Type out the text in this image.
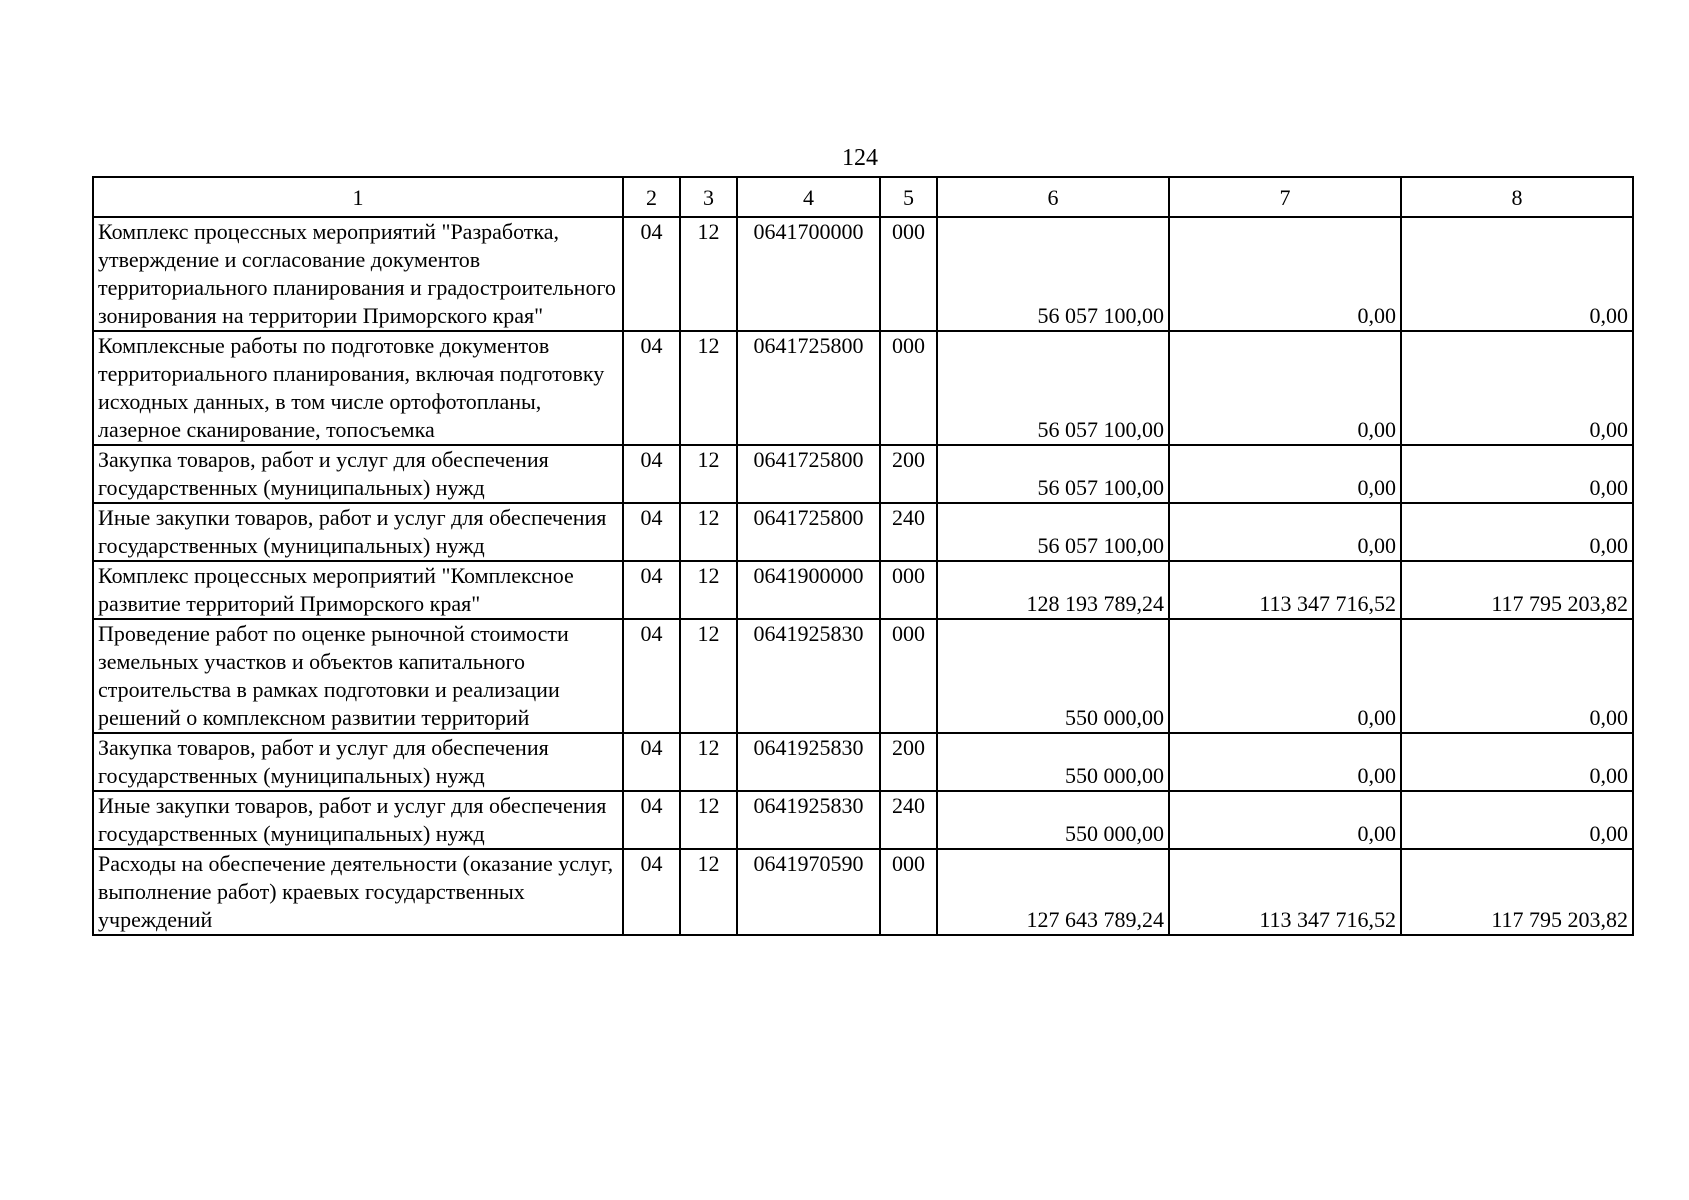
124
1	2	3	4	5	6	7	8
Комплекс процессных мероприятий "Разработка, утверждение и согласование документов территориального планирования и градостроительного зонирования на территории Приморского края"	04	12	0641700000	000	56 057 100,00	0,00	0,00
Комплексные работы по подготовке документов территориального планирования, включая подготовку исходных данных, в том числе ортофотопланы, лазерное сканирование, топосъемка	04	12	0641725800	000	56 057 100,00	0,00	0,00
Закупка товаров, работ и услуг для обеспечения государственных (муниципальных) нужд	04	12	0641725800	200	56 057 100,00	0,00	0,00
Иные закупки товаров, работ и услуг для обеспечения государственных (муниципальных) нужд	04	12	0641725800	240	56 057 100,00	0,00	0,00
Комплекс процессных мероприятий "Комплексное развитие территорий Приморского края"	04	12	0641900000	000	128 193 789,24	113 347 716,52	117 795 203,82
Проведение работ по оценке рыночной стоимости земельных участков и объектов капитального строительства в рамках подготовки и реализации решений о комплексном развитии территорий	04	12	0641925830	000	550 000,00	0,00	0,00
Закупка товаров, работ и услуг для обеспечения государственных (муниципальных) нужд	04	12	0641925830	200	550 000,00	0,00	0,00
Иные закупки товаров, работ и услуг для обеспечения государственных (муниципальных) нужд	04	12	0641925830	240	550 000,00	0,00	0,00
Расходы на обеспечение деятельности (оказание услуг, выполнение работ) краевых государственных учреждений	04	12	0641970590	000	127 643 789,24	113 347 716,52	117 795 203,82
